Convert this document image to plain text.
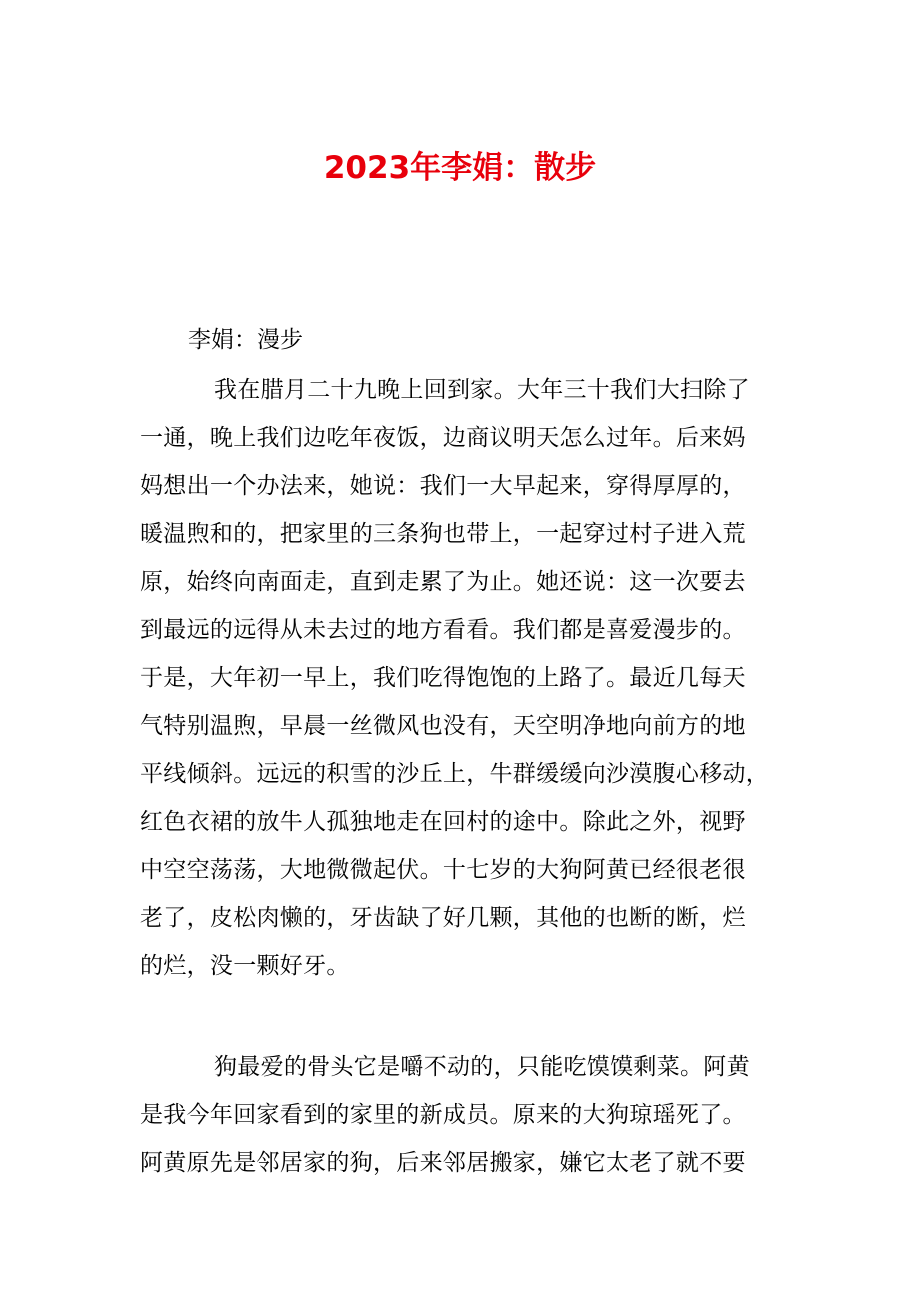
2023年李娟：散步
李娟：漫步
我在腊月二十九晚上回到家。大年三十我们大扫除了
一通，晚上我们边吃年夜饭，边商议明天怎么过年。后来妈
妈想出一个办法来，她说：我们一大早起来，穿得厚厚的，
暖温煦和的，把家里的三条狗也带上，一起穿过村子进入荒
原，始终向南面走，直到走累了为止。她还说：这一次要去
到最远的远得从未去过的地方看看。我们都是喜爱漫步的。
于是，大年初一早上，我们吃得饱饱的上路了。最近几每天
气特别温煦，早晨一丝微风也没有，天空明净地向前方的地
平线倾斜。远远的积雪的沙丘上，牛群缓缓向沙漠腹心移动，
红色衣裙的放牛人孤独地走在回村的途中。除此之外，视野
中空空荡荡，大地微微起伏。十七岁的大狗阿黄已经很老很
老了，皮松肉懒的，牙齿缺了好几颗，其他的也断的断，烂
的烂，没一颗好牙。
狗最爱的骨头它是嚼不动的，只能吃馍馍剩菜。阿黄
是我今年回家看到的家里的新成员。原来的大狗琼瑶死了。
阿黄原先是邻居家的狗，后来邻居搬家，嫌它太老了就不要
